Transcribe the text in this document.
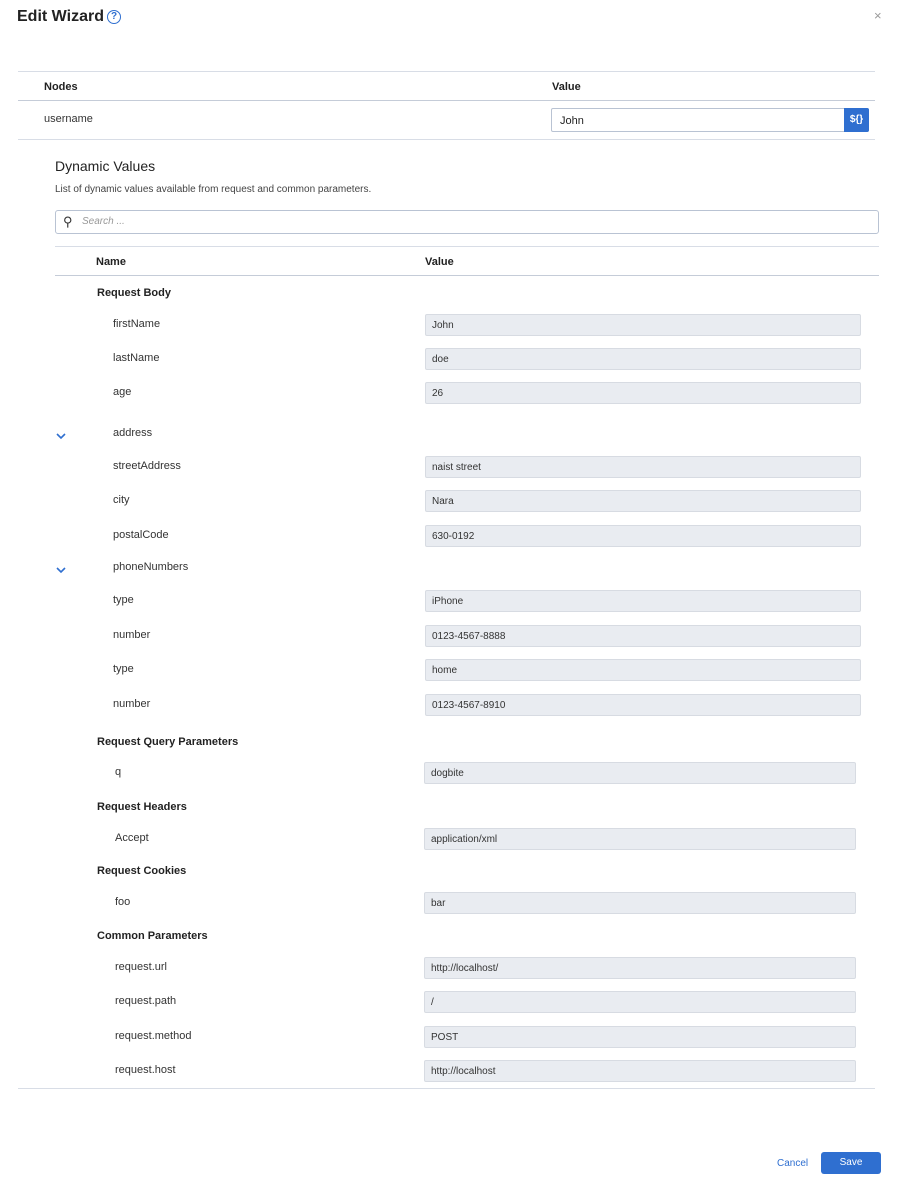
Edit Wizard ?	×
Nodes	Value
username	John	${}
Dynamic Values
List of dynamic values available from request and common parameters.
⚲ Search ...
Name	Value
Request Body
firstName	John
lastName	doe
age	26
address
streetAddress	naist street
city	Nara
postalCode	630-0192
phoneNumbers
type	iPhone
number	0123-4567-8888
type	home
number	0123-4567-8910
Request Query Parameters
q	dogbite
Request Headers
Accept	application/xml
Request Cookies
foo	bar
Common Parameters
request.url	http://localhost/
request.path	/
request.method	POST
request.host	http://localhost
Cancel	Save
